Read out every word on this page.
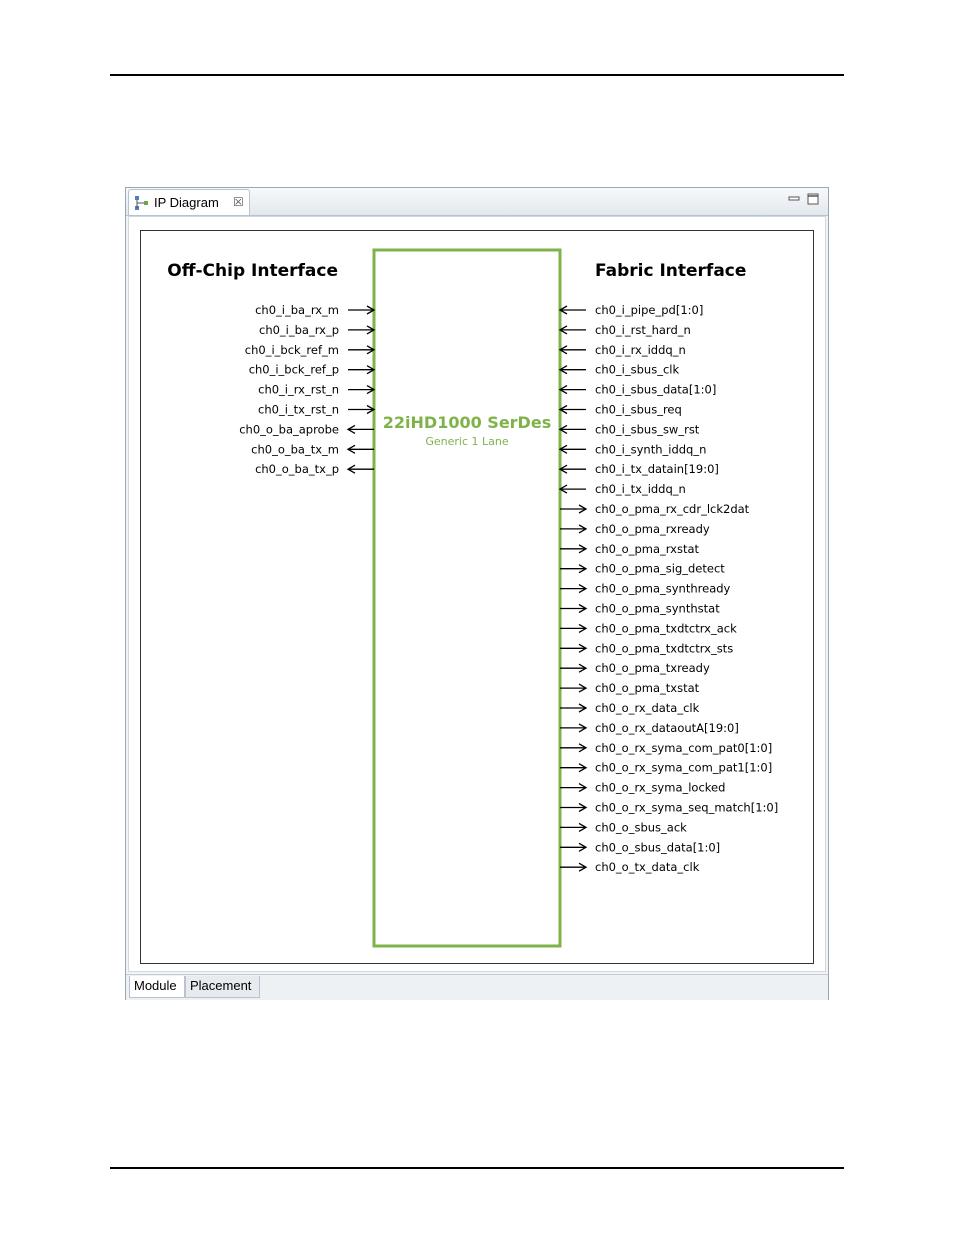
IP Diagram ☒
Off-Chip Interface	Fabric Interface
22iHD1000 SerDes
Generic 1 Lane
ch0_i_ba_rx_m
ch0_i_ba_rx_p
ch0_i_bck_ref_m
ch0_i_bck_ref_p
ch0_i_rx_rst_n
ch0_i_tx_rst_n
ch0_o_ba_aprobe
ch0_o_ba_tx_m
ch0_o_ba_tx_p
ch0_i_pipe_pd[1:0]
ch0_i_rst_hard_n
ch0_i_rx_iddq_n
ch0_i_sbus_clk
ch0_i_sbus_data[1:0]
ch0_i_sbus_req
ch0_i_sbus_sw_rst
ch0_i_synth_iddq_n
ch0_i_tx_datain[19:0]
ch0_i_tx_iddq_n
ch0_o_pma_rx_cdr_lck2dat
ch0_o_pma_rxready
ch0_o_pma_rxstat
ch0_o_pma_sig_detect
ch0_o_pma_synthready
ch0_o_pma_synthstat
ch0_o_pma_txdtctrx_ack
ch0_o_pma_txdtctrx_sts
ch0_o_pma_txready
ch0_o_pma_txstat
ch0_o_rx_data_clk
ch0_o_rx_dataoutA[19:0]
ch0_o_rx_syma_com_pat0[1:0]
ch0_o_rx_syma_com_pat1[1:0]
ch0_o_rx_syma_locked
ch0_o_rx_syma_seq_match[1:0]
ch0_o_sbus_ack
ch0_o_sbus_data[1:0]
ch0_o_tx_data_clk
Module	Placement
